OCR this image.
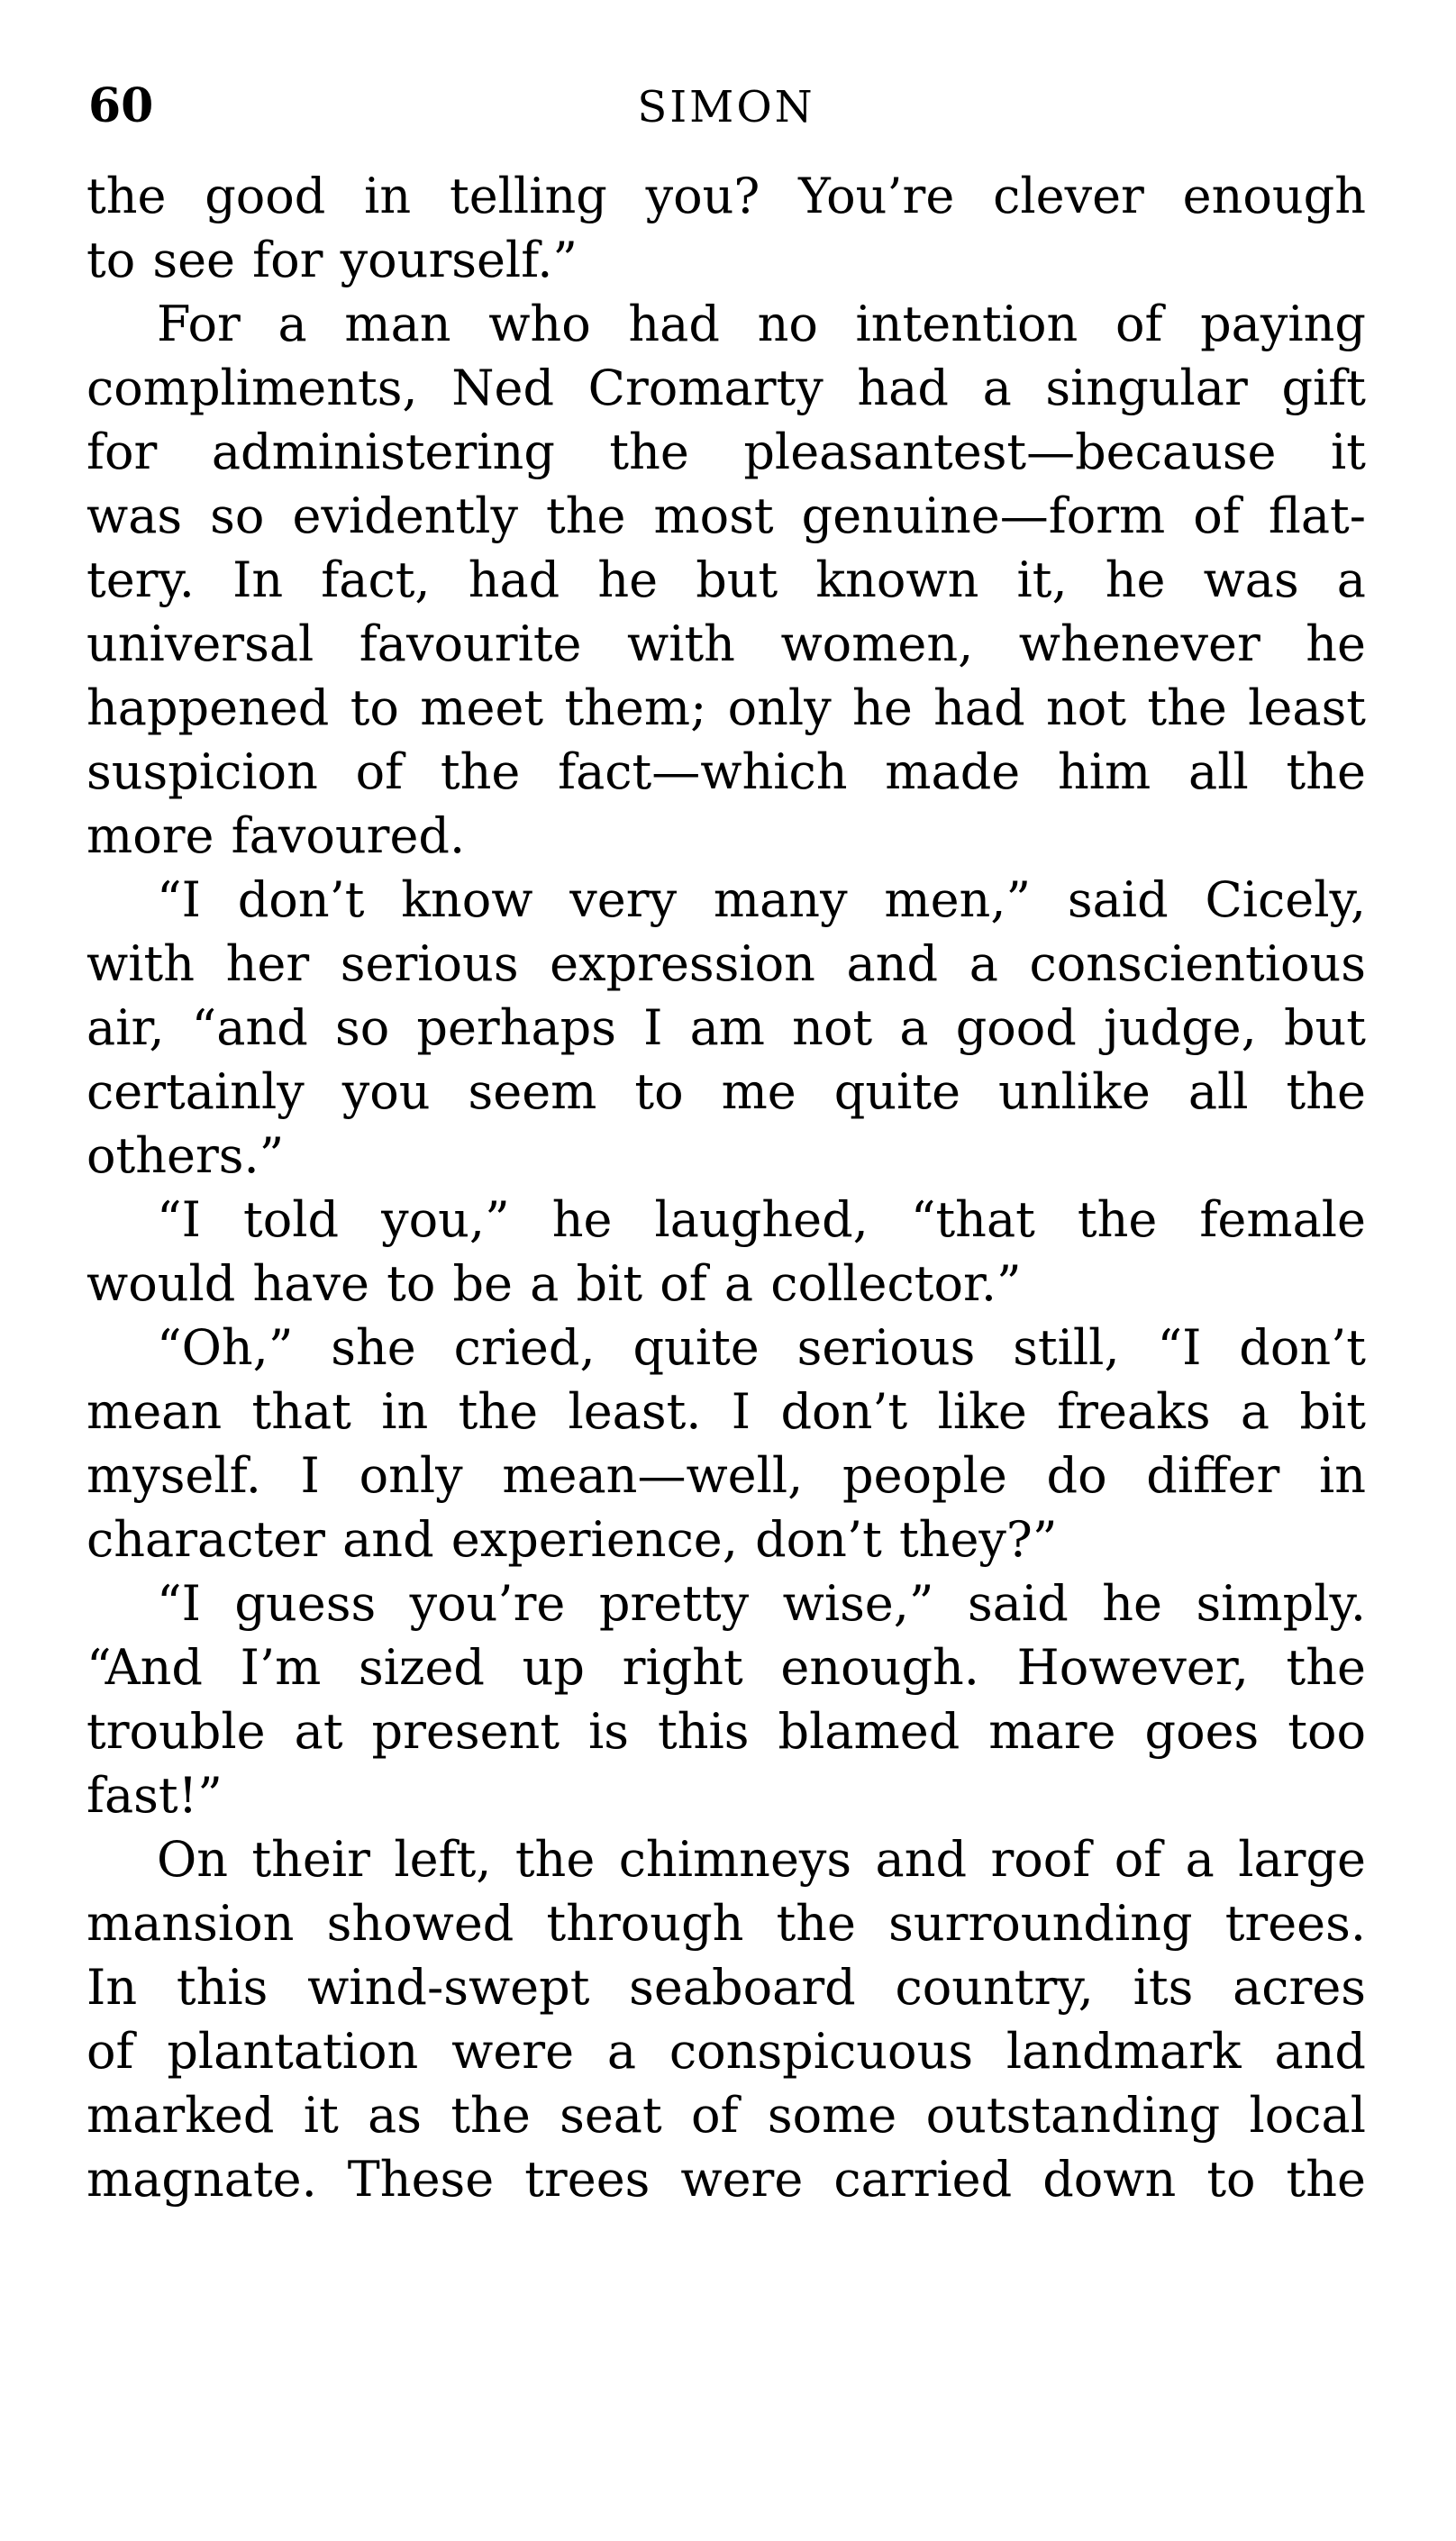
60	SIMON
the good in telling you? You’re clever enough
to see for yourself.”
For a man who had no intention of paying
compliments, Ned Cromarty had a singular gift
for administering the pleasantest—because it
was so evidently the most genuine—form of flat-
tery. In fact, had he but known it, he was a
universal favourite with women, whenever he
happened to meet them; only he had not the least
suspicion of the fact—which made him all the
more favoured.
“I don’t know very many men,” said Cicely,
with her serious expression and a conscientious
air, “and so perhaps I am not a good judge, but
certainly you seem to me quite unlike all the
others.”
“I told you,” he laughed, “that the female
would have to be a bit of a collector.”
“Oh,” she cried, quite serious still, “I don’t
mean that in the least. I don’t like freaks a bit
myself. I only mean—well, people do differ in
character and experience, don’t they?”
“I guess you’re pretty wise,” said he simply.
“And I’m sized up right enough. However, the
trouble at present is this blamed mare goes too
fast!”
On their left, the chimneys and roof of a large
mansion showed through the surrounding trees.
In this wind-swept seaboard country, its acres
of plantation were a conspicuous landmark and
marked it as the seat of some outstanding local
magnate. These trees were carried down to the
